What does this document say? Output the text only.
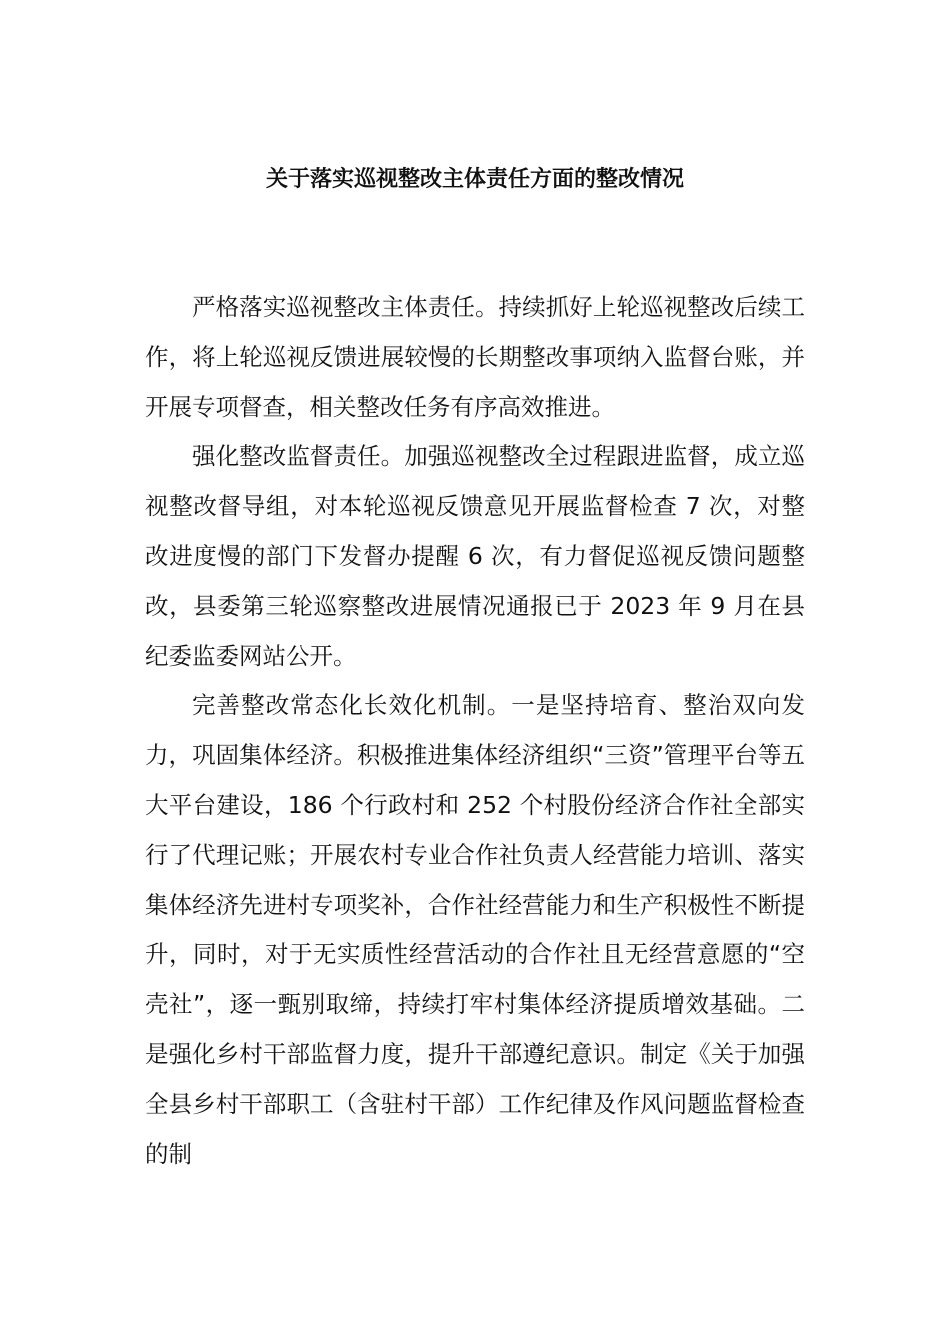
关于落实巡视整改主体责任方面的整改情况

严格落实巡视整改主体责任。持续抓好上轮巡视整改后续工作，将上轮巡视反馈进展较慢的长期整改事项纳入监督台账，并开展专项督查，相关整改任务有序高效推进。

强化整改监督责任。加强巡视整改全过程跟进监督，成立巡视整改督导组，对本轮巡视反馈意见开展监督检查 7 次，对整改进度慢的部门下发督办提醒 6 次，有力督促巡视反馈问题整改，县委第三轮巡察整改进展情况通报已于 2023 年 9 月在县纪委监委网站公开。

完善整改常态化长效化机制。一是坚持培育、整治双向发力，巩固集体经济。积极推进集体经济组织“三资”管理平台等五大平台建设，186 个行政村和 252 个村股份经济合作社全部实行了代理记账；开展农村专业合作社负责人经营能力培训、落实集体经济先进村专项奖补，合作社经营能力和生产积极性不断提升，同时，对于无实质性经营活动的合作社且无经营意愿的“空壳社”，逐一甄别取缔，持续打牢村集体经济提质增效基础。二是强化乡村干部监督力度，提升干部遵纪意识。制定《关于加强全县乡村干部职工（含驻村干部）工作纪律及作风问题监督检查的制
